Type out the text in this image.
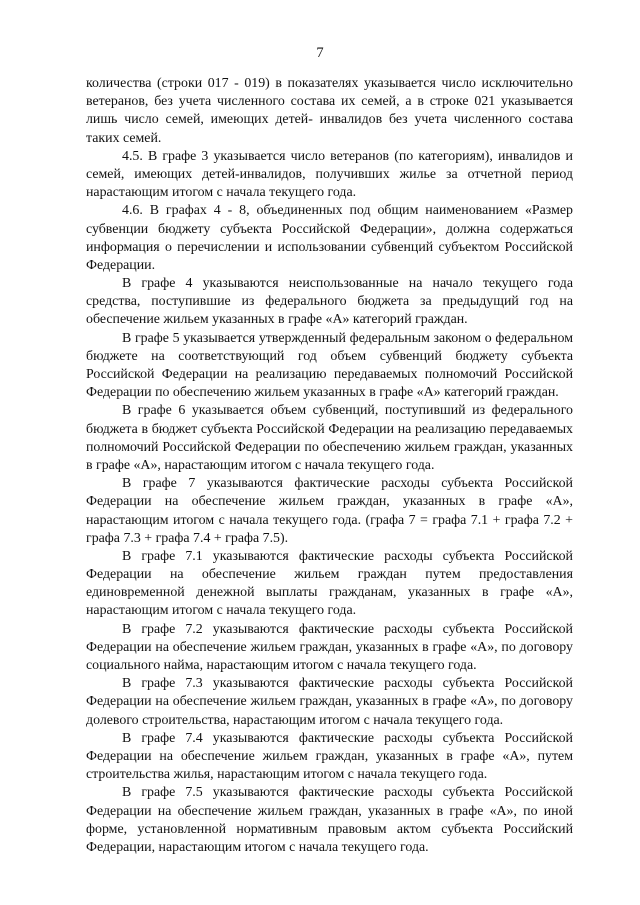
7

количества (строки 017 - 019) в показателях указывается число исключительно ветеранов, без учета численного состава их семей, а в строке 021 указывается лишь число семей, имеющих детей- инвалидов без учета численного состава таких семей.

4.5. В графе 3 указывается число ветеранов (по категориям), инвалидов и семей, имеющих детей-инвалидов, получивших жилье за отчетной период нарастающим итогом с начала текущего года.

4.6. В графах 4 - 8, объединенных под общим наименованием «Размер субвенции бюджету субъекта Российской Федерации», должна содержаться информация о перечислении и использовании субвенций субъектом Российской Федерации.

В графе 4 указываются неиспользованные на начало текущего года средства, поступившие из федерального бюджета за предыдущий год на обеспечение жильем указанных в графе «А» категорий граждан.

В графе 5 указывается утвержденный федеральным законом о федеральном бюджете на соответствующий год объем субвенций бюджету субъекта Российской Федерации на реализацию передаваемых полномочий Российской Федерации по обеспечению жильем указанных в графе «А» категорий граждан.

В графе 6 указывается объем субвенций, поступивший из федерального бюджета в бюджет субъекта Российской Федерации на реализацию передаваемых полномочий Российской Федерации по обеспечению жильем граждан, указанных в графе «А», нарастающим итогом с начала текущего года.

В графе 7 указываются фактические расходы субъекта Российской Федерации на обеспечение жильем граждан, указанных в графе «А», нарастающим итогом с начала текущего года. (графа 7 = графа 7.1 + графа 7.2 + графа 7.3 + графа 7.4 + графа 7.5).

В графе 7.1 указываются фактические расходы субъекта Российской Федерации на обеспечение жильем граждан путем предоставления единовременной денежной выплаты гражданам, указанных в графе «А», нарастающим итогом с начала текущего года.

В графе 7.2 указываются фактические расходы субъекта Российской Федерации на обеспечение жильем граждан, указанных в графе «А», по договору социального найма, нарастающим итогом с начала текущего года.

В графе 7.3 указываются фактические расходы субъекта Российской Федерации на обеспечение жильем граждан, указанных в графе «А», по договору долевого строительства, нарастающим итогом с начала текущего года.

В графе 7.4 указываются фактические расходы субъекта Российской Федерации на обеспечение жильем граждан, указанных в графе «А», путем строительства жилья, нарастающим итогом с начала текущего года.

В графе 7.5 указываются фактические расходы субъекта Российской Федерации на обеспечение жильем граждан, указанных в графе «А», по иной форме, установленной нормативным правовым актом субъекта Российский Федерации, нарастающим итогом с начала текущего года.
